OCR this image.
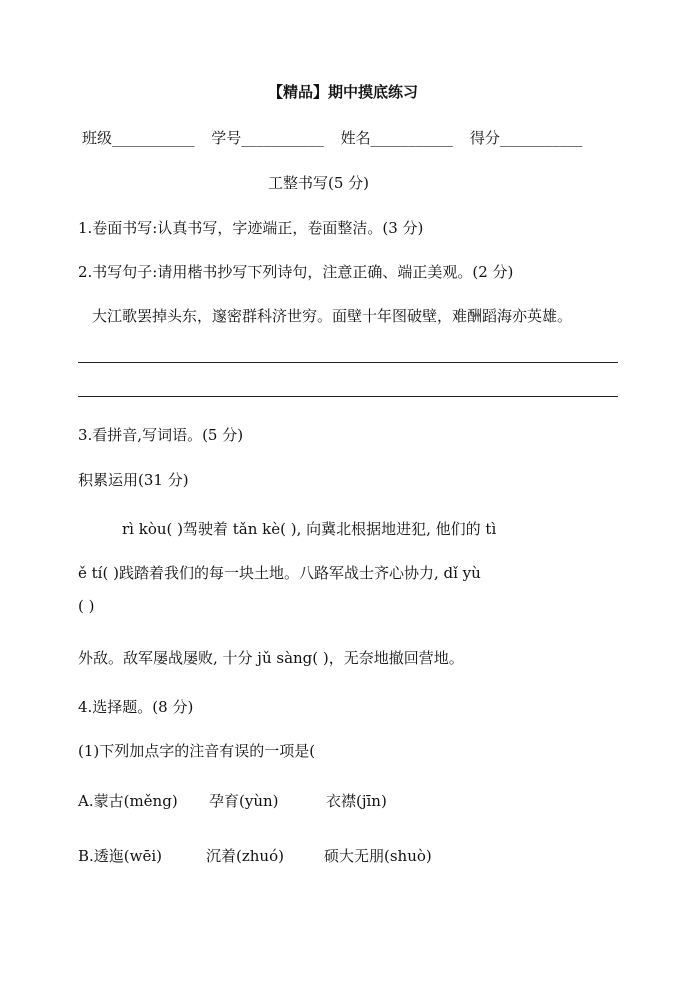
【精品】期中摸底练习
班级___________ 学号___________ 姓名___________ 得分___________
工整书写(5 分)
1.卷面书写:认真书写，字迹端正，卷面整洁。(3 分)
2.书写句子:请用楷书抄写下列诗句，注意正确、端正美观。(2 分)
大江歌罢掉头东，邃密群科济世穷。面壁十年图破壁，难酬蹈海亦英雄。
3.看拼音,写词语。(5 分)
积累运用(31 分)
rì kòu( )驾驶着 tǎn kè( ), 向冀北根据地进犯, 他们的 tì
ě tí( )践踏着我们的每一块土地。八路军战士齐心协力, dǐ yù
( )
外敌。敌军屡战屡败, 十分 jǔ sàng( )，无奈地撤回营地。
4.选择题。(8 分)
(1)下列加点字的注音有误的一项是(
A.蒙古(měng) 孕育(yùn)	衣襟(jīn)
B.透迤(wēi)	沉着(zhuó)	硕大无朋(shuò)
